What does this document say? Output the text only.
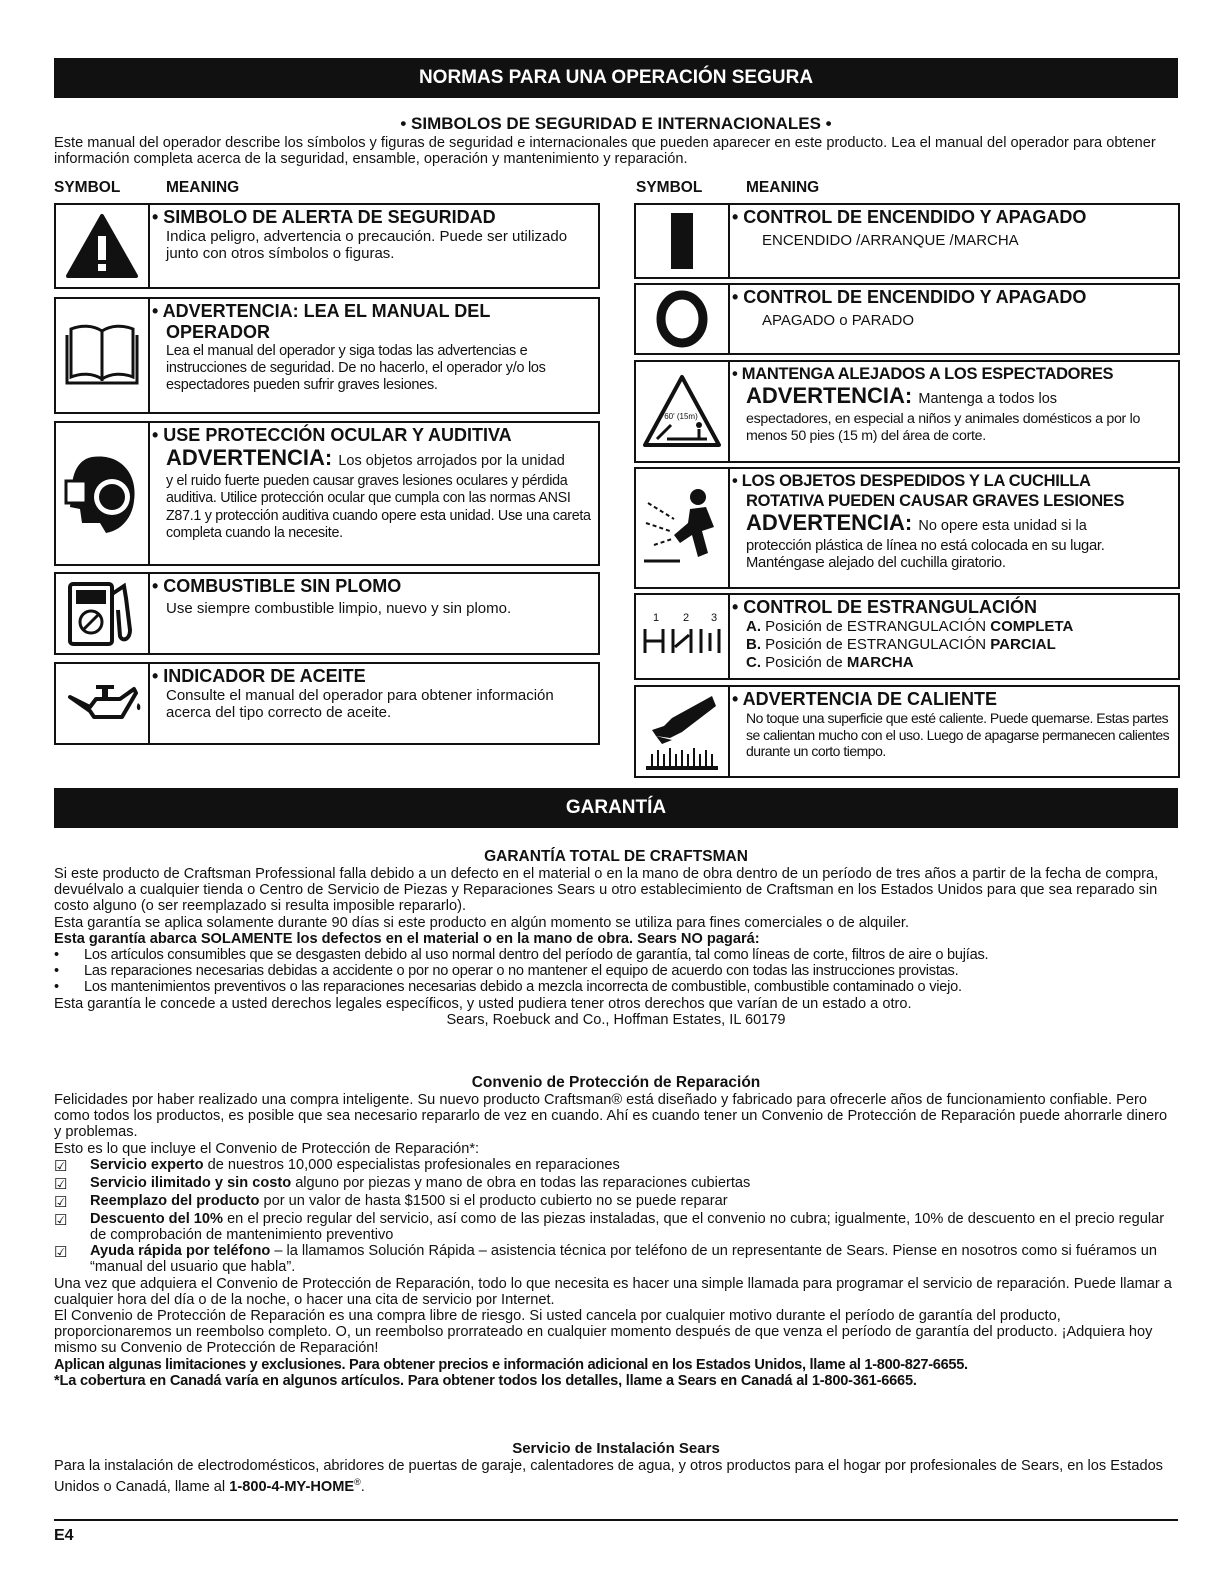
NORMAS PARA UNA OPERACIÓN SEGURA
• SIMBOLOS DE SEGURIDAD E INTERNACIONALES •

Este manual del operador describe los símbolos y figuras de seguridad e internacionales que pueden aparecer en este producto. Lea el manual del operador para obtener información completa acerca de la seguridad, ensamble, operación y mantenimiento y reparación.

SYMBOL	MEANING	SYMBOL	MEANING
• SIMBOLO DE ALERTA DE SEGURIDAD
Indica peligro, advertencia o precaución. Puede ser utilizado junto con otros símbolos o figuras.
• ADVERTENCIA: LEA EL MANUAL DEL
OPERADOR
Lea el manual del operador y siga todas las advertencias e instrucciones de seguridad. De no hacerlo, el operador y/o los espectadores pueden sufrir graves lesiones.
• USE PROTECCIÓN OCULAR Y AUDITIVA
ADVERTENCIA: Los objetos arrojados por la unidad
y el ruido fuerte pueden causar graves lesiones oculares y pérdida auditiva. Utilice protección ocular que cumpla con las normas ANSI Z87.1 y protección auditiva cuando opere esta unidad. Use una careta completa cuando la necesite.
• COMBUSTIBLE SIN PLOMO
Use siempre combustible limpio, nuevo y sin plomo.
• INDICADOR DE ACEITE
Consulte el manual del operador para obtener información acerca del tipo correcto de aceite.
• CONTROL DE ENCENDIDO Y APAGADO
ENCENDIDO /ARRANQUE /MARCHA
• CONTROL DE ENCENDIDO Y APAGADO
APAGADO o PARADO
60' (15m)
• MANTENGA ALEJADOS A LOS ESPECTADORES
ADVERTENCIA: Mantenga a todos los
espectadores, en especial a niños y animales domésticos a por lo menos 50 pies (15 m) del área de corte.
• LOS OBJETOS DESPEDIDOS Y LA CUCHILLA
ROTATIVA PUEDEN CAUSAR GRAVES LESIONES
ADVERTENCIA: No opere esta unidad si la
protección plástica de línea no está colocada en su lugar. Manténgase alejado del cuchilla giratorio.
1 2 3
• CONTROL DE ESTRANGULACIÓN
A. Posición de ESTRANGULACIÓN COMPLETA
B. Posición de ESTRANGULACIÓN PARCIAL
C. Posición de MARCHA
• ADVERTENCIA DE CALIENTE
No toque una superficie que esté caliente. Puede quemarse. Estas partes se calientan mucho con el uso. Luego de apagarse permanecen calientes durante un corto tiempo.
GARANTÍA
GARANTÍA TOTAL DE CRAFTSMAN

Si este producto de Craftsman Professional falla debido a un defecto en el material o en la mano de obra dentro de un período de tres años a partir de la fecha de compra, devuélvalo a cualquier tienda o Centro de Servicio de Piezas y Reparaciones Sears u otro establecimiento de Craftsman en los Estados Unidos para que sea reparado sin costo alguno (o ser reemplazado si resulta imposible repararlo).

Esta garantía se aplica solamente durante 90 días si este producto en algún momento se utiliza para fines comerciales o de alquiler.

Esta garantía abarca SOLAMENTE los defectos en el material o en la mano de obra. Sears NO pagará:

•	Los artículos consumibles que se desgasten debido al uso normal dentro del período de garantía, tal como líneas de corte, filtros de aire o bujías.
•	Las reparaciones necesarias debidas a accidente o por no operar o no mantener el equipo de acuerdo con todas las instrucciones provistas.
•	Los mantenimientos preventivos o las reparaciones necesarias debido a mezcla incorrecta de combustible, combustible contaminado o viejo.

Esta garantía le concede a usted derechos legales específicos, y usted pudiera tener otros derechos que varían de un estado a otro.

Sears, Roebuck and Co., Hoffman Estates, IL 60179

Convenio de Protección de Reparación

Felicidades por haber realizado una compra inteligente. Su nuevo producto Craftsman® está diseñado y fabricado para ofrecerle años de funcionamiento confiable. Pero como todos los productos, es posible que sea necesario repararlo de vez en cuando. Ahí es cuando tener un Convenio de Protección de Reparación puede ahorrarle dinero y problemas.

Esto es lo que incluye el Convenio de Protección de Reparación*:

☑	Servicio experto de nuestros 10,000 especialistas profesionales en reparaciones

☑	Servicio ilimitado y sin costo alguno por piezas y mano de obra en todas las reparaciones cubiertas

☑	Reemplazo del producto por un valor de hasta $1500 si el producto cubierto no se puede reparar

☑	Descuento del 10% en el precio regular del servicio, así como de las piezas instaladas, que el convenio no cubra; igualmente, 10% de descuento en el precio regular de comprobación de mantenimiento preventivo

☑	Ayuda rápida por teléfono – la llamamos Solución Rápida – asistencia técnica por teléfono de un representante de Sears. Piense en nosotros como si fuéramos un “manual del usuario que habla”.

Una vez que adquiera el Convenio de Protección de Reparación, todo lo que necesita es hacer una simple llamada para programar el servicio de reparación. Puede llamar a cualquier hora del día o de la noche, o hacer una cita de servicio por Internet.

El Convenio de Protección de Reparación es una compra libre de riesgo. Si usted cancela por cualquier motivo durante el período de garantía del producto, proporcionaremos un reembolso completo. O, un reembolso prorrateado en cualquier momento después de que venza el período de garantía del producto. ¡Adquiera hoy mismo su Convenio de Protección de Reparación!

Aplican algunas limitaciones y exclusiones. Para obtener precios e información adicional en los Estados Unidos, llame al 1-800-827-6655.

*La cobertura en Canadá varía en algunos artículos. Para obtener todos los detalles, llame a Sears en Canadá al 1-800-361-6665.

Servicio de Instalación Sears

Para la instalación de electrodomésticos, abridores de puertas de garaje, calentadores de agua, y otros productos para el hogar por profesionales de Sears, en los Estados Unidos o Canadá, llame al 1-800-4-MY-HOME®.

E4
